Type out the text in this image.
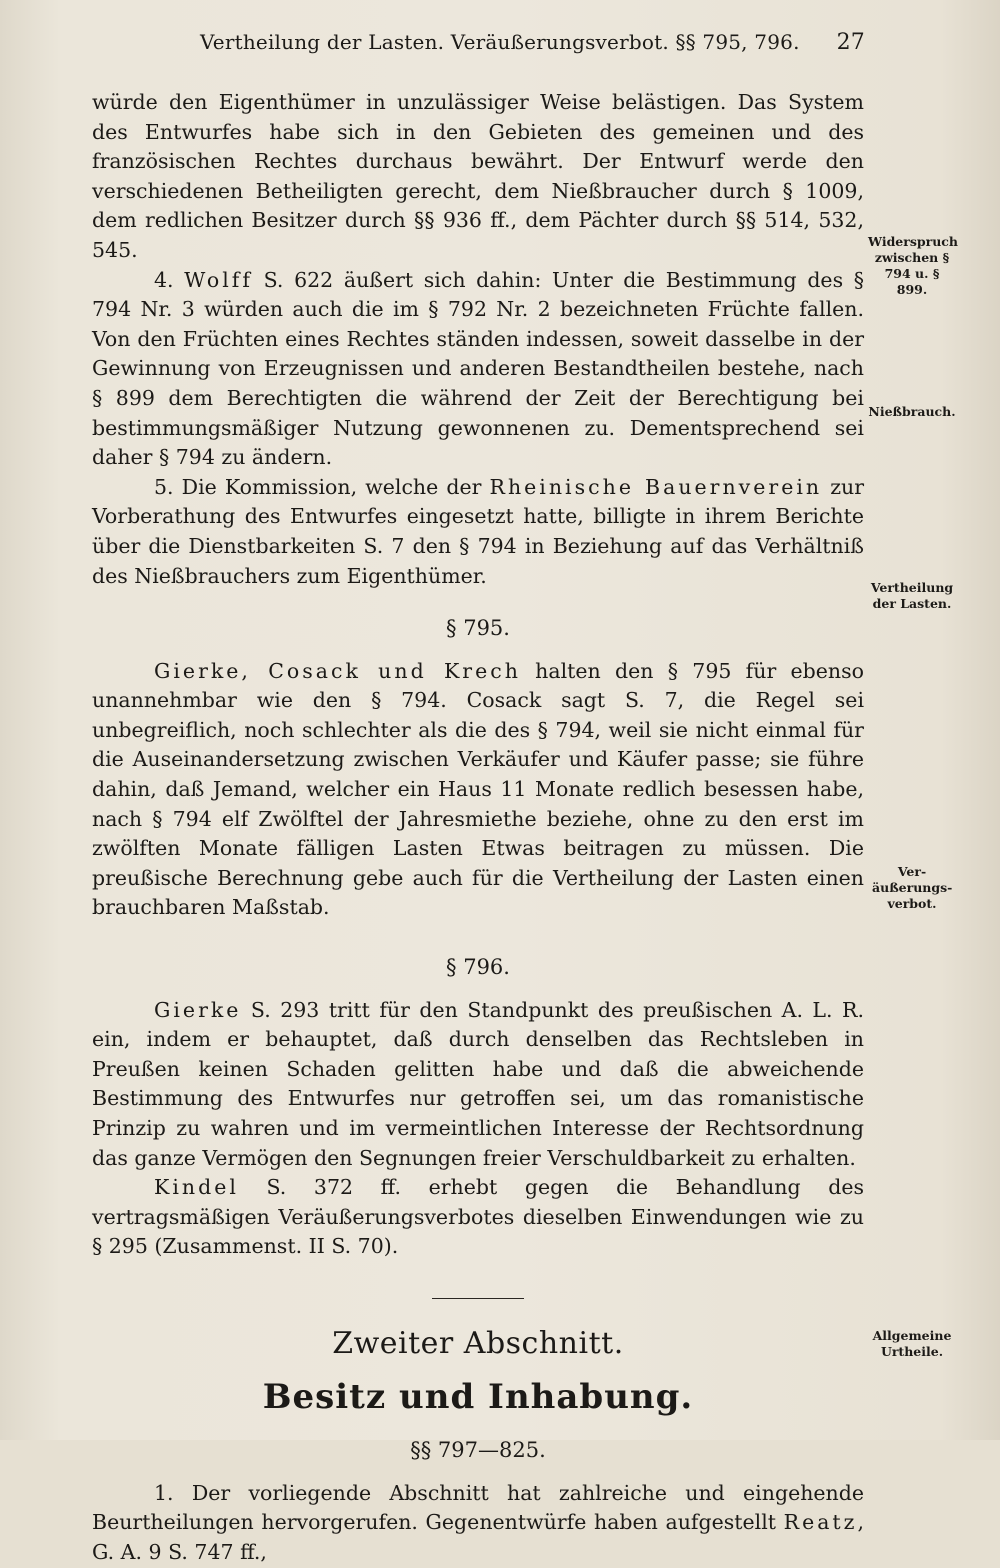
Vertheilung der Lasten. Veräußerungsverbot. §§ 795, 796. 27

würde den Eigenthümer in unzulässiger Weise belästigen. Das System des Entwurfes habe sich in den Gebieten des gemeinen und des französischen Rechtes durchaus bewährt. Der Entwurf werde den verschiedenen Betheiligten gerecht, dem Nießbraucher durch § 1009, dem redlichen Besitzer durch §§ 936 ff., dem Pächter durch §§ 514, 532, 545.

4. Wolff S. 622 äußert sich dahin: Unter die Bestimmung des § 794 Nr. 3 würden auch die im § 792 Nr. 2 bezeichneten Früchte fallen. Von den Früchten eines Rechtes ständen indessen, soweit dasselbe in der Gewinnung von Erzeugnissen und anderen Bestandtheilen bestehe, nach § 899 dem Berechtigten die während der Zeit der Berechtigung bei bestimmungsmäßiger Nutzung gewonnenen zu. Dementsprechend sei daher § 794 zu ändern.

5. Die Kommission, welche der Rheinische Bauernverein zur Vorberathung des Entwurfes eingesetzt hatte, billigte in ihrem Berichte über die Dienstbarkeiten S. 7 den § 794 in Beziehung auf das Verhältniß des Nießbrauchers zum Eigenthümer.

§ 795.

Gierke, Cosack und Krech halten den § 795 für ebenso unannehmbar wie den § 794. Cosack sagt S. 7, die Regel sei unbegreiflich, noch schlechter als die des § 794, weil sie nicht einmal für die Auseinandersetzung zwischen Verkäufer und Käufer passe; sie führe dahin, daß Jemand, welcher ein Haus 11 Monate redlich besessen habe, nach § 794 elf Zwölftel der Jahresmiethe beziehe, ohne zu den erst im zwölften Monate fälligen Lasten Etwas beitragen zu müssen. Die preußische Berechnung gebe auch für die Vertheilung der Lasten einen brauchbaren Maßstab.

§ 796.

Gierke S. 293 tritt für den Standpunkt des preußischen A. L. R. ein, indem er behauptet, daß durch denselben das Rechtsleben in Preußen keinen Schaden gelitten habe und daß die abweichende Bestimmung des Entwurfes nur getroffen sei, um das romanistische Prinzip zu wahren und im vermeintlichen Interesse der Rechtsordnung das ganze Vermögen den Segnungen freier Verschuldbarkeit zu erhalten.

Kindel S. 372 ff. erhebt gegen die Behandlung des vertragsmäßigen Veräußerungsverbotes dieselben Einwendungen wie zu § 295 (Zusammenst. II S. 70).

Zweiter Abschnitt.
Besitz und Inhabung.
§§ 797—825.

1. Der vorliegende Abschnitt hat zahlreiche und eingehende Beurtheilungen hervorgerufen. Gegenentwürfe haben aufgestellt Reatz, G. A. 9 S. 747 ff.,

Widerspruch zwischen § 794 u. § 899.
Nießbrauch.
Vertheilung der Lasten.
Ver-äußerungs-verbot.
Allgemeine Urtheile.
